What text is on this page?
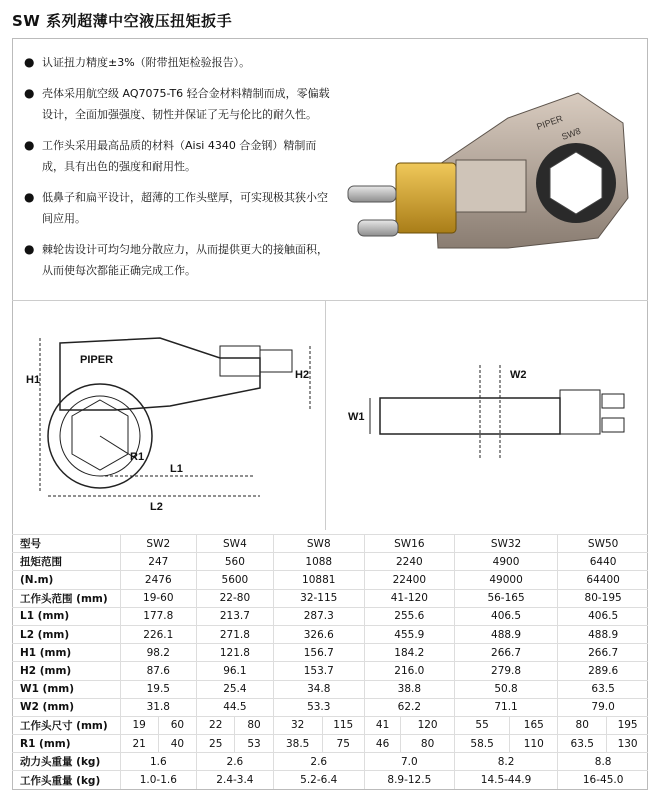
SW 系列超薄中空液压扭矩扳手
● 认证扭力精度±3%（附带扭矩检验报告）。
● 壳体采用航空级 AQ7075-T6 轻合金材料精制而成，零偏载设计，全面加强强度、韧性并保证了无与伦比的耐久性。
● 工作头采用最高品质的材料（Aisi 4340 合金钢）精制而成，具有出色的强度和耐用性。
● 低鼻子和扁平设计，超薄的工作头壁厚，可实现极其狭小空间应用。
● 棘轮齿设计可均匀地分散应力，从而提供更大的接触面积，从而使每次都能正确完成工作。
PIPER
SW8
PIPER
H1	H2
R1
L1
L2
W2
W1
型号	SW2		SW4		SW8		SW16		SW32		SW50	
扭矩范围	247		560		1088		2240		4900		6440	
(N.m)	2476		5600		10881		22400		49000		64400	
工作头范围 (mm)	19-60		22-80		32-115		41-120		56-165		80-195	
L1 (mm)	177.8		213.7		287.3		255.6		406.5		406.5	
L2 (mm)	226.1		271.8		326.6		455.9		488.9		488.9	
H1 (mm)	98.2		121.8		156.7		184.2		266.7		266.7	
H2 (mm)	87.6		96.1		153.7		216.0		279.8		289.6	
W1 (mm)	19.5		25.4		34.8		38.8		50.8		63.5	
W2 (mm)	31.8		44.5		53.3		62.2		71.1		79.0	
工作头尺寸 (mm)	19	60	22	80	32	115	41	120	55	165	80	195
R1 (mm)	21	40	25	53	38.5	75	46	80	58.5	110	63.5	130
动力头重量 (kg)	1.6		2.6		2.6		7.0		8.2		8.8	
工作头重量 (kg)	1.0-1.6		2.4-3.4		5.2-6.4		8.9-12.5		14.5-44.9		16-45.0	
